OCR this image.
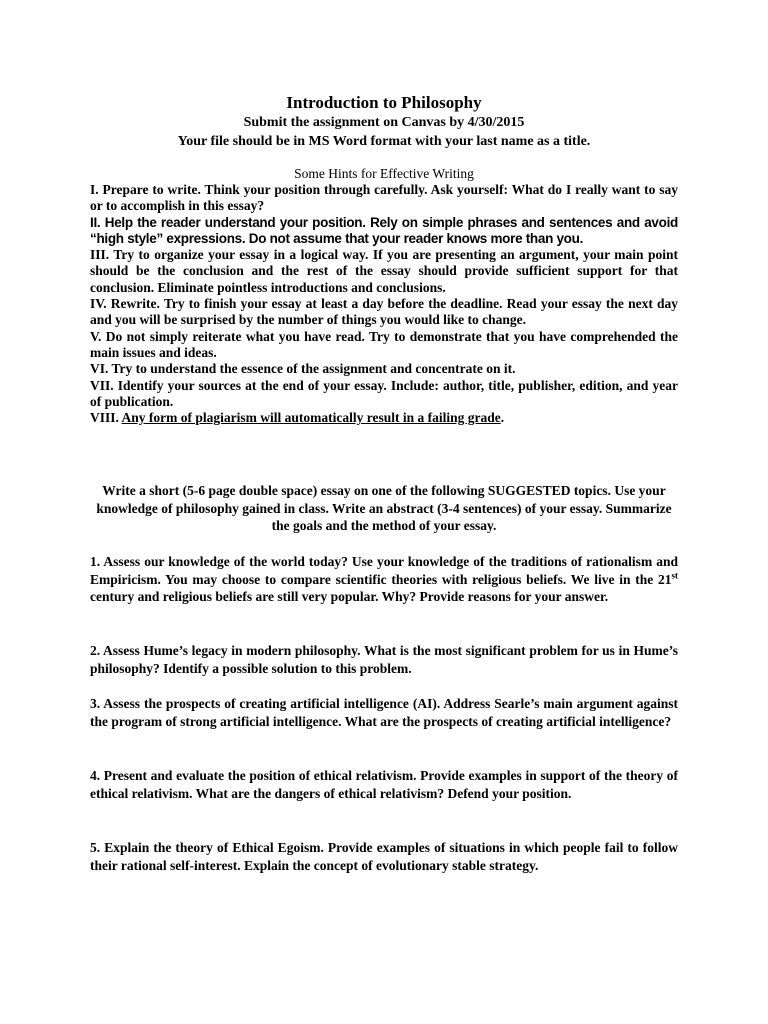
Introduction to Philosophy
Submit the assignment on Canvas by 4/30/2015
Your file should be in MS Word format with your last name as a title.
Some Hints for Effective Writing

I. Prepare to write. Think your position through carefully. Ask yourself: What do I really want to say or to accomplish in this essay?

II. Help the reader understand your position. Rely on simple phrases and sentences and avoid “high style” expressions. Do not assume that your reader knows more than you.

III. Try to organize your essay in a logical way. If you are presenting an argument, your main point should be the conclusion and the rest of the essay should provide sufficient support for that conclusion. Eliminate pointless introductions and conclusions.

IV. Rewrite. Try to finish your essay at least a day before the deadline. Read your essay the next day and you will be surprised by the number of things you would like to change.

V. Do not simply reiterate what you have read. Try to demonstrate that you have comprehended the main issues and ideas.

VI. Try to understand the essence of the assignment and concentrate on it.

VII. Identify your sources at the end of your essay. Include: author, title, publisher, edition, and year of publication.

VIII. Any form of plagiarism will automatically result in a failing grade.

Write a short (5-6 page double space) essay on one of the following SUGGESTED topics. Use your knowledge of philosophy gained in class. Write an abstract (3-4 sentences) of your essay. Summarize the goals and the method of your essay.

1. Assess our knowledge of the world today? Use your knowledge of the traditions of rationalism and Empiricism. You may choose to compare scientific theories with religious beliefs. We live in the 21st century and religious beliefs are still very popular. Why? Provide reasons for your answer.
2. Assess Hume’s legacy in modern philosophy. What is the most significant problem for us in Hume’s philosophy? Identify a possible solution to this problem.
3. Assess the prospects of creating artificial intelligence (AI). Address Searle’s main argument against the program of strong artificial intelligence. What are the prospects of creating artificial intelligence?
4. Present and evaluate the position of ethical relativism. Provide examples in support of the theory of ethical relativism. What are the dangers of ethical relativism? Defend your position.
5. Explain the theory of Ethical Egoism. Provide examples of situations in which people fail to follow their rational self-interest. Explain the concept of evolutionary stable strategy.
